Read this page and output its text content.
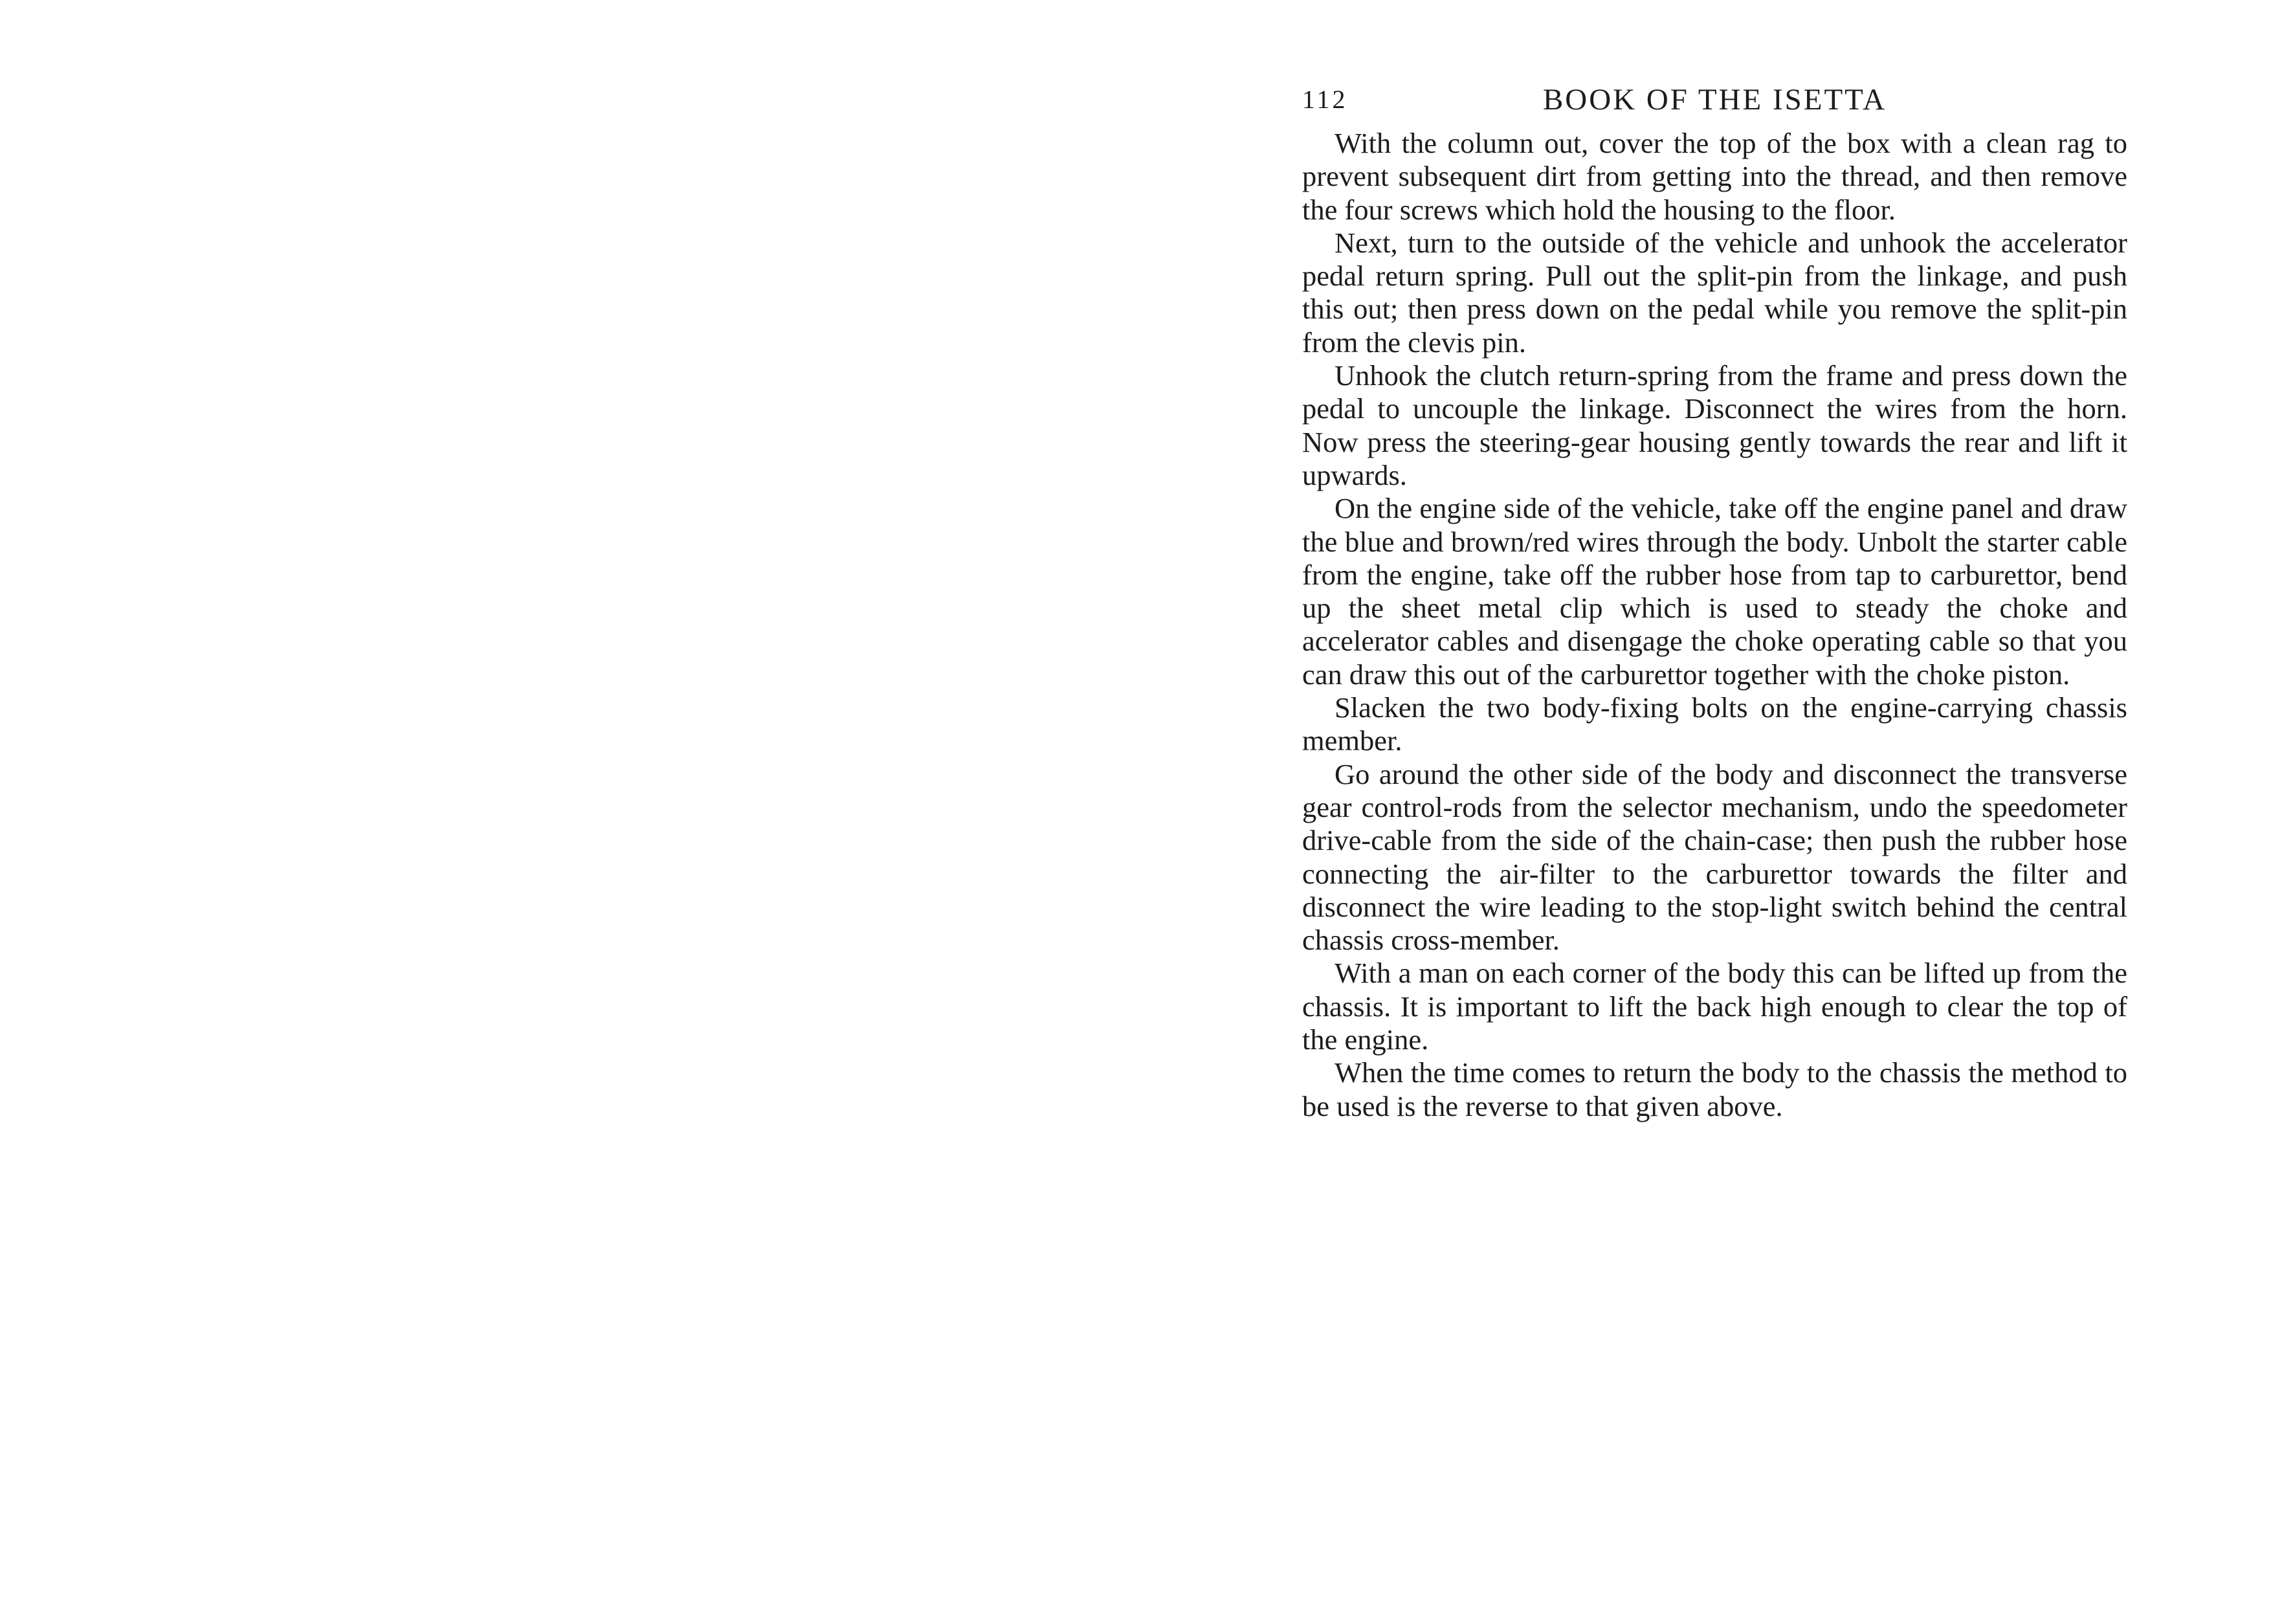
112	BOOK OF THE ISETTA

With the column out, cover the top of the box with a clean rag to prevent subsequent dirt from getting into the thread, and then remove the four screws which hold the housing to the floor.

Next, turn to the outside of the vehicle and unhook the accelerator pedal return spring. Pull out the split-pin from the linkage, and push this out; then press down on the pedal while you remove the split-pin from the clevis pin.

Unhook the clutch return-spring from the frame and press down the pedal to uncouple the linkage. Disconnect the wires from the horn. Now press the steering-gear housing gently towards the rear and lift it upwards.

On the engine side of the vehicle, take off the engine panel and draw the blue and brown/red wires through the body. Unbolt the starter cable from the engine, take off the rubber hose from tap to carburettor, bend up the sheet metal clip which is used to steady the choke and accelerator cables and disengage the choke operating cable so that you can draw this out of the carburettor together with the choke piston.

Slacken the two body-fixing bolts on the engine-carrying chassis member.

Go around the other side of the body and disconnect the transverse gear control-rods from the selector mechanism, undo the speedometer drive-cable from the side of the chain-case; then push the rubber hose connecting the air-filter to the carburettor towards the filter and disconnect the wire leading to the stop-light switch behind the central chassis cross-member.

With a man on each corner of the body this can be lifted up from the chassis. It is important to lift the back high enough to clear the top of the engine.

When the time comes to return the body to the chassis the method to be used is the reverse to that given above.
